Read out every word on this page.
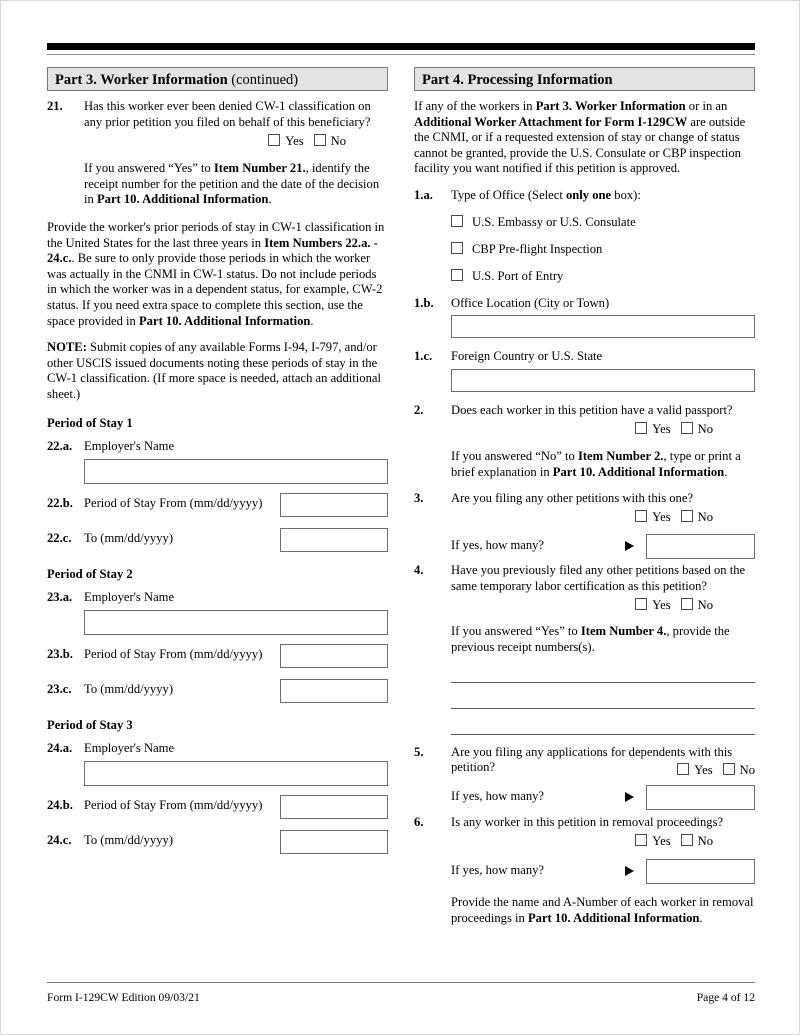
Part 3. Worker Information (continued)
21.	Has this worker ever been denied CW-1 classification on any prior petition you filed on behalf of this beneficiary?
Yes No
If you answered “Yes” to Item Number 21., identify the receipt number for the petition and the date of the decision in Part 10. Additional Information.
Provide the worker's prior periods of stay in CW-1 classification in the United States for the last three years in Item Numbers 22.a. - 24.c.. Be sure to only provide those periods in which the worker was actually in the CNMI in CW-1 status. Do not include periods in which the worker was in a dependent status, for example, CW-2 status. If you need extra space to complete this section, use the space provided in Part 10. Additional Information.
NOTE: Submit copies of any available Forms I-94, I-797, and/or other USCIS issued documents noting these periods of stay in the CW-1 classification. (If more space is needed, attach an additional sheet.)
Period of Stay 1
22.a. Employer's Name
22.b. Period of Stay From (mm/dd/yyyy)
22.c. To (mm/dd/yyyy)
Period of Stay 2
23.a. Employer's Name
23.b. Period of Stay From (mm/dd/yyyy)
23.c. To (mm/dd/yyyy)
Period of Stay 3
24.a. Employer's Name
24.b. Period of Stay From (mm/dd/yyyy)
24.c. To (mm/dd/yyyy)
Part 4. Processing Information
If any of the workers in Part 3. Worker Information or in an Additional Worker Attachment for Form I-129CW are outside the CNMI, or if a requested extension of stay or change of status cannot be granted, provide the U.S. Consulate or CBP inspection facility you want notified if this petition is approved.
1.a.	Type of Office (Select only one box):
U.S. Embassy or U.S. Consulate
CBP Pre-flight Inspection
U.S. Port of Entry
1.b.	Office Location (City or Town)
1.c.	Foreign Country or U.S. State
2.	Does each worker in this petition have a valid passport?
Yes No
If you answered “No” to Item Number 2., type or print a brief explanation in Part 10. Additional Information.
3.	Are you filing any other petitions with this one?
Yes No
If yes, how many?
4.	Have you previously filed any other petitions based on the same temporary labor certification as this petition?
Yes No
If you answered “Yes” to Item Number 4., provide the previous receipt numbers(s).
5.	Are you filing any applications for dependents with this petition?	Yes No
If yes, how many?
6.	Is any worker in this petition in removal proceedings?
Yes No
If yes, how many?
Provide the name and A-Number of each worker in removal proceedings in Part 10. Additional Information.
Form I-129CW Edition 09/03/21	Page 4 of 12
